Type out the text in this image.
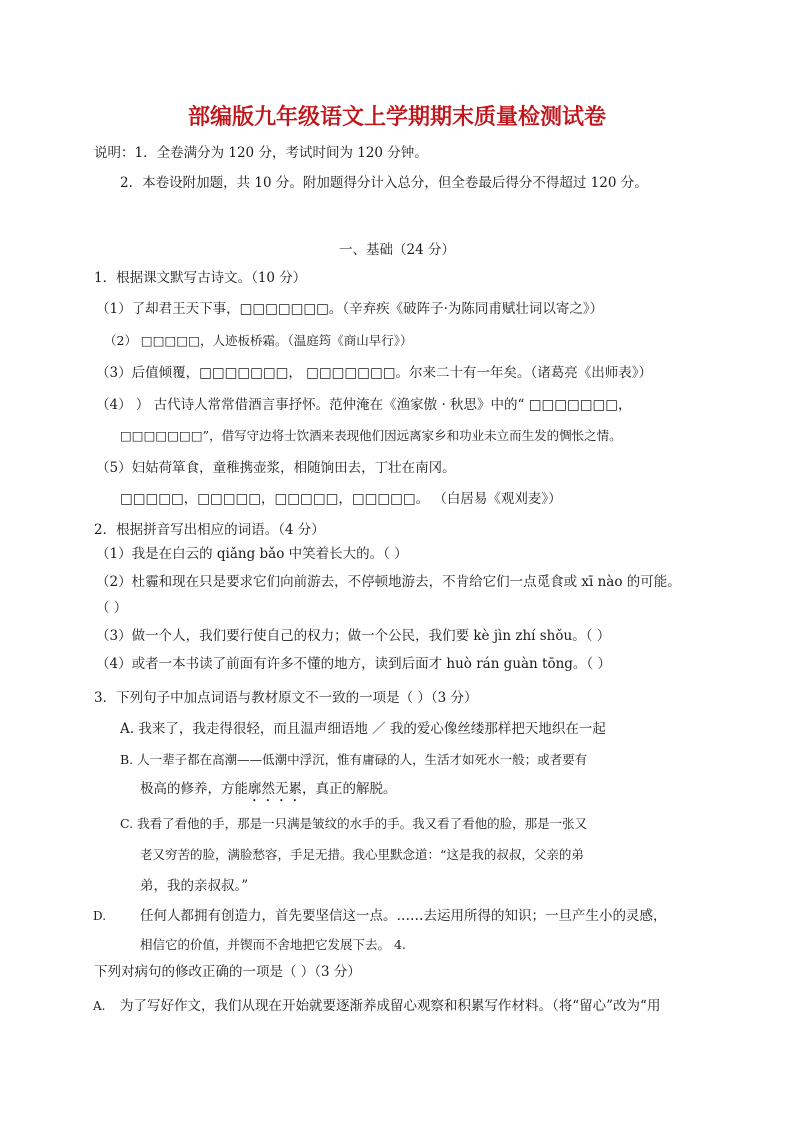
部编版九年级语文上学期期末质量检测试卷
说明：1．全卷满分为 120 分，考试时间为 120 分钟。
2．本卷设附加题，共 10 分。附加题得分计入总分，但全卷最后得分不得超过 120 分。
一、基础（24 分）
1．根据课文默写古诗文。（10 分）
（1）了却君王天下事，□□□□□□□。（辛弃疾《破阵子·为陈同甫赋壮词以寄之》）
（2） □□□□□，人迹板桥霜。（温庭筠《商山早行》）
（3）后值倾覆，□□□□□□□， □□□□□□□。尔来二十有一年矣。（诸葛亮《出师表》）
（4） ） 古代诗人常常借酒言事抒怀。范仲淹在《渔家傲 · 秋思》中的“ □□□□□□□，
□□□□□□□”，借写守边将士饮酒来表现他们因远离家乡和功业未立而生发的惆怅之情。
（5）妇姑荷箪食，童稚携壶浆，相随饷田去，丁壮在南冈。
□□□□□，□□□□□，□□□□□，□□□□□。 （白居易《观刈麦》）
2．根据拼音写出相应的词语。（4 分）
（1）我是在白云的 qiǎng bǎo 中笑着长大的。（ ）
（2）杜霾和现在只是要求它们向前游去，不停顿地游去，不肯给它们一点觅食或 xī nào 的可能。
（ ）
（3）做一个人，我们要行使自己的权力；做一个公民，我们要 kè jìn zhí shǒu。（ ）
（4）或者一本书读了前面有许多不懂的地方，读到后面才 huò rán guàn tōng。（ ）
3．下列句子中加点词语与教材原文不一致的一项是（ ）（3 分）
A. 我来了，我走得很轻，而且温声细语地 ／ 我的爱心像丝缕那样把天地织在一起
B. 人一辈子都在高潮——低潮中浮沉，惟有庸碌的人，生活才如死水一般；或者要有
极高的修养，方能廓然无累，真正的解脱。
C. 我看了看他的手，那是一只满是皱纹的水手的手。我又看了看他的脸，那是一张又
老又穷苦的脸，满脸愁容，手足无措。我心里默念道：“这是我的叔叔，父亲的弟
弟，我的亲叔叔。”
D.	任何人都拥有创造力，首先要坚信这一点。……去运用所得的知识；一旦产生小的灵感，
相信它的价值，并锲而不舍地把它发展下去。 4.
下列对病句的修改正确的一项是（ ）（3 分）
A. 为了写好作文，我们从现在开始就要逐渐养成留心观察和积累写作材料。（将“留心”改为“用
